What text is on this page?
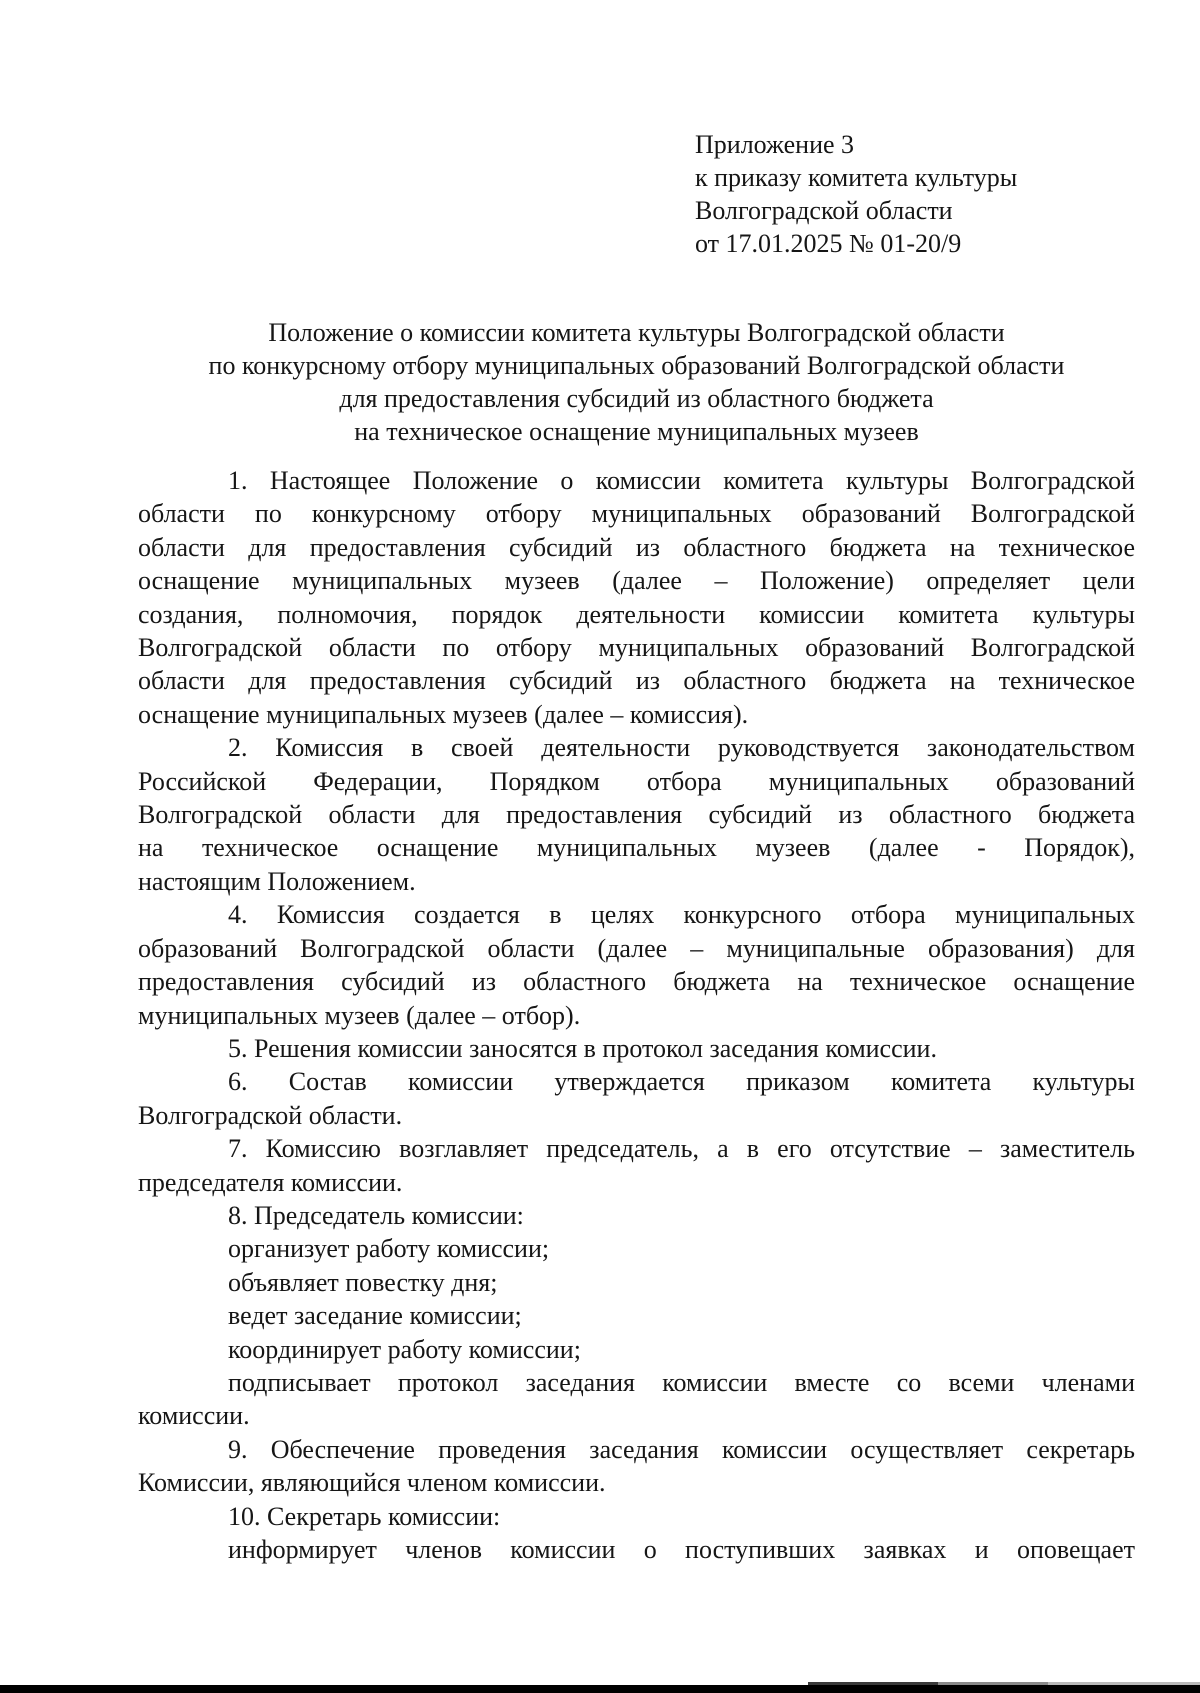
Приложение 3
к приказу комитета культуры
Волгоградской области
от 17.01.2025 № 01-20/9
Положение о комиссии комитета культуры Волгоградской области
по конкурсному отбору муниципальных образований Волгоградской области
для предоставления субсидий из областного бюджета
на техническое оснащение муниципальных музеев
1. Настоящее Положение о комиссии комитета культуры Волгоградской
области по конкурсному отбору муниципальных образований Волгоградской
области для предоставления субсидий из областного бюджета на техническое
оснащение муниципальных музеев (далее – Положение) определяет цели
создания, полномочия, порядок деятельности комиссии комитета культуры
Волгоградской области по отбору муниципальных образований Волгоградской
области для предоставления субсидий из областного бюджета на техническое
оснащение муниципальных музеев (далее – комиссия).
2. Комиссия в своей деятельности руководствуется законодательством
Российской Федерации, Порядком отбора муниципальных образований
Волгоградской области для предоставления субсидий из областного бюджета
на техническое оснащение муниципальных музеев (далее - Порядок),
настоящим Положением.
4. Комиссия создается в целях конкурсного отбора муниципальных
образований Волгоградской области (далее – муниципальные образования) для
предоставления субсидий из областного бюджета на техническое оснащение
муниципальных музеев (далее – отбор).
5. Решения комиссии заносятся в протокол заседания комиссии.
6. Состав комиссии утверждается приказом комитета культуры
Волгоградской области.
7. Комиссию возглавляет председатель, а в его отсутствие – заместитель
председателя комиссии.
8. Председатель комиссии:
организует работу комиссии;
объявляет повестку дня;
ведет заседание комиссии;
координирует работу комиссии;
подписывает протокол заседания комиссии вместе со всеми членами
комиссии.
9. Обеспечение проведения заседания комиссии осуществляет секретарь
Комиссии, являющийся членом комиссии.
10. Секретарь комиссии:
информирует членов комиссии о поступивших заявках и оповещает
